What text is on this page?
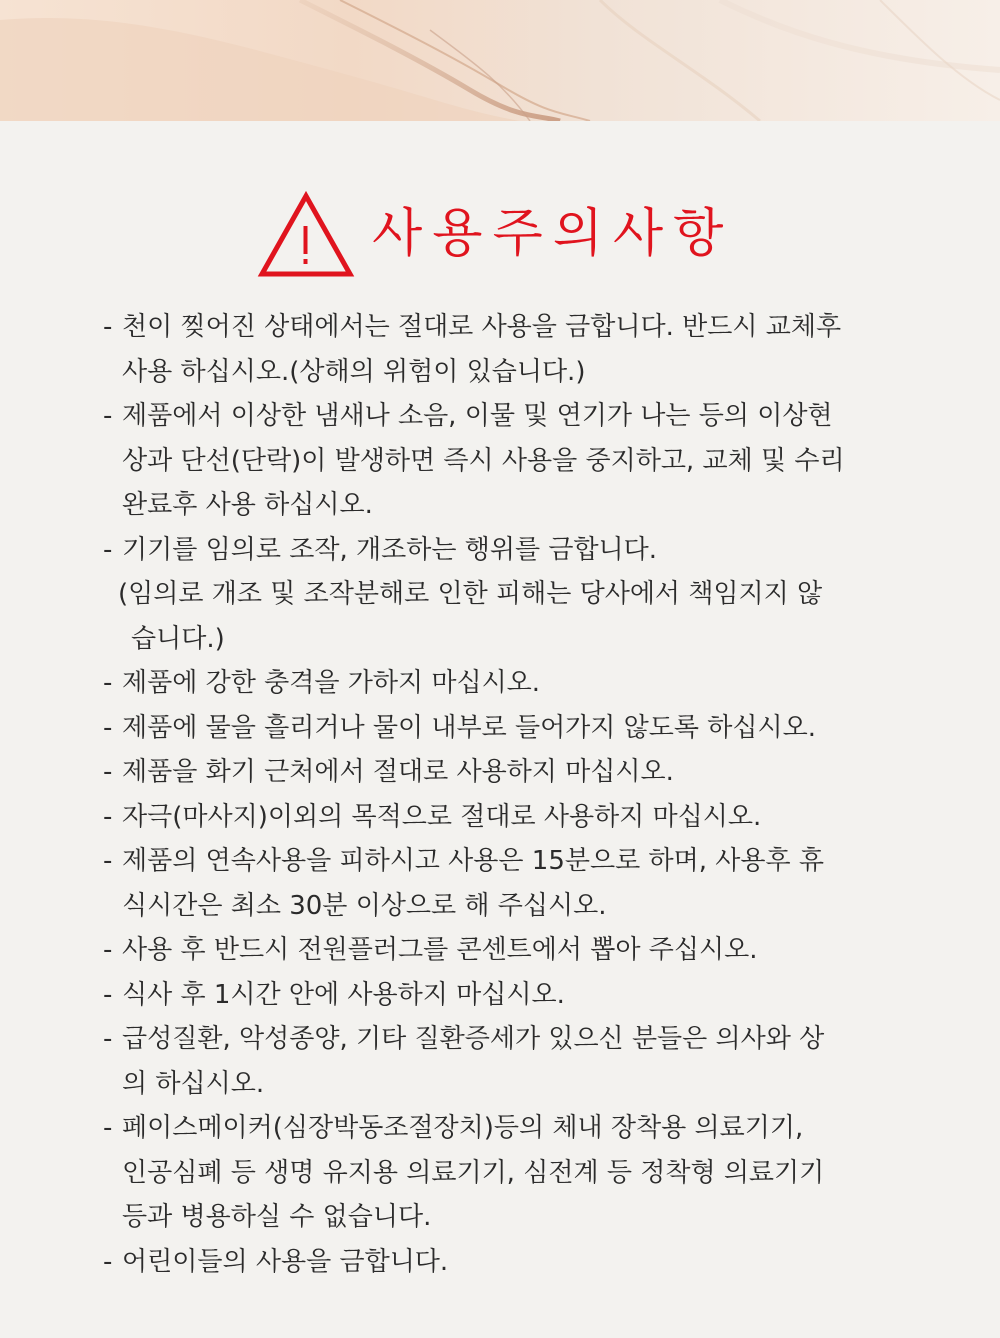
사용주의사항
- 천이 찢어진 상태에서는 절대로 사용을 금합니다. 반드시 교체후
사용 하십시오.(상해의 위험이 있습니다.)
- 제품에서 이상한 냄새나 소음, 이물 및 연기가 나는 등의 이상현
상과 단선(단락)이 발생하면 즉시 사용을 중지하고, 교체 및 수리
완료후 사용 하십시오.
- 기기를 임의로 조작, 개조하는 행위를 금합니다.
(임의로 개조 및 조작분해로 인한 피해는 당사에서 책임지지 않
습니다.)
- 제품에 강한 충격을 가하지 마십시오.
- 제품에 물을 흘리거나 물이 내부로 들어가지 않도록 하십시오.
- 제품을 화기 근처에서 절대로 사용하지 마십시오.
- 자극(마사지)이외의 목적으로 절대로 사용하지 마십시오.
- 제품의 연속사용을 피하시고 사용은 15분으로 하며, 사용후 휴
식시간은 최소 30분 이상으로 해 주십시오.
- 사용 후 반드시 전원플러그를 콘센트에서 뽑아 주십시오.
- 식사 후 1시간 안에 사용하지 마십시오.
- 급성질환, 악성종양, 기타 질환증세가 있으신 분들은 의사와 상
의 하십시오.
- 페이스메이커(심장박동조절장치)등의 체내 장착용 의료기기,
인공심폐 등 생명 유지용 의료기기, 심전계 등 정착형 의료기기
등과 병용하실 수 없습니다.
- 어린이들의 사용을 금합니다.
